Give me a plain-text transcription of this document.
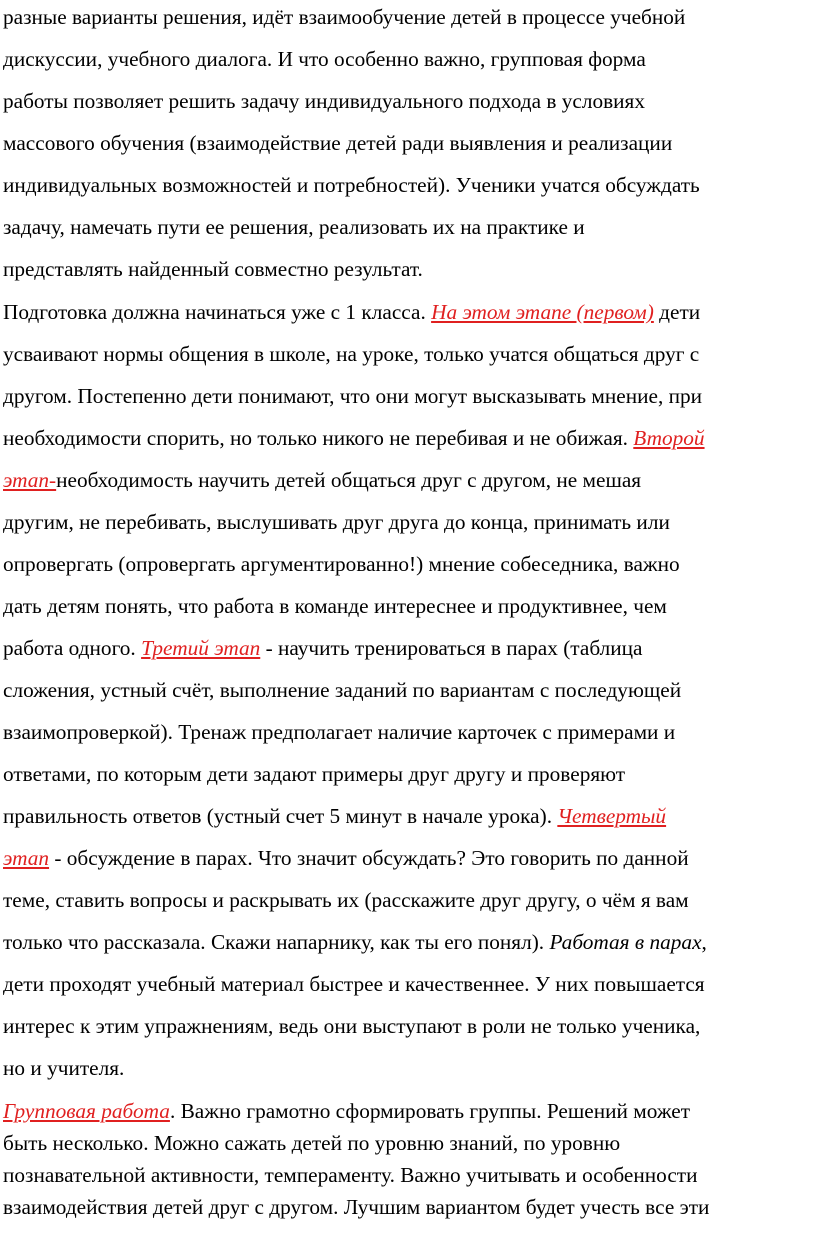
разные варианты решения, идёт взаимообучение детей в процессе учебной
дискуссии, учебного диалога. И что особенно важно, групповая форма
работы позволяет решить задачу индивидуального подхода в условиях
массового обучения (взаимодействие детей ради выявления и реализации
индивидуальных возможностей и потребностей). Ученики учатся обсуждать
задачу, намечать пути ее решения, реализовать их на практике и
представлять найденный совместно результат.
Подготовка должна начинаться уже с 1 класса. На этом этапе (первом) дети
усваивают нормы общения в школе, на уроке, только учатся общаться друг с
другом. Постепенно дети понимают, что они могут высказывать мнение, при
необходимости спорить, но только никого не перебивая и не обижая. Второй
этап-необходимость научить детей общаться друг с другом, не мешая
другим, не перебивать, выслушивать друг друга до конца, принимать или
опровергать (опровергать аргументированно!) мнение собеседника, важно
дать детям понять, что работа в команде интереснее и продуктивнее, чем
работа одного. Третий этап - научить тренироваться в парах (таблица
сложения, устный счёт, выполнение заданий по вариантам с последующей
взаимопроверкой). Тренаж предполагает наличие карточек с примерами и
ответами, по которым дети задают примеры друг другу и проверяют
правильность ответов (устный счет 5 минут в начале урока). Четвертый
этап - обсуждение в парах. Что значит обсуждать? Это говорить по данной
теме, ставить вопросы и раскрывать их (расскажите друг другу, о чём я вам
только что рассказала. Скажи напарнику, как ты его понял). Работая в парах,
дети проходят учебный материал быстрее и качественнее. У них повышается
интерес к этим упражнениям, ведь они выступают в роли не только ученика,
но и учителя.
Групповая работа. Важно грамотно сформировать группы. Решений может
быть несколько. Можно сажать детей по уровню знаний, по уровню
познавательной активности, темпераменту. Важно учитывать и особенности
взаимодействия детей друг с другом. Лучшим вариантом будет учесть все эти
